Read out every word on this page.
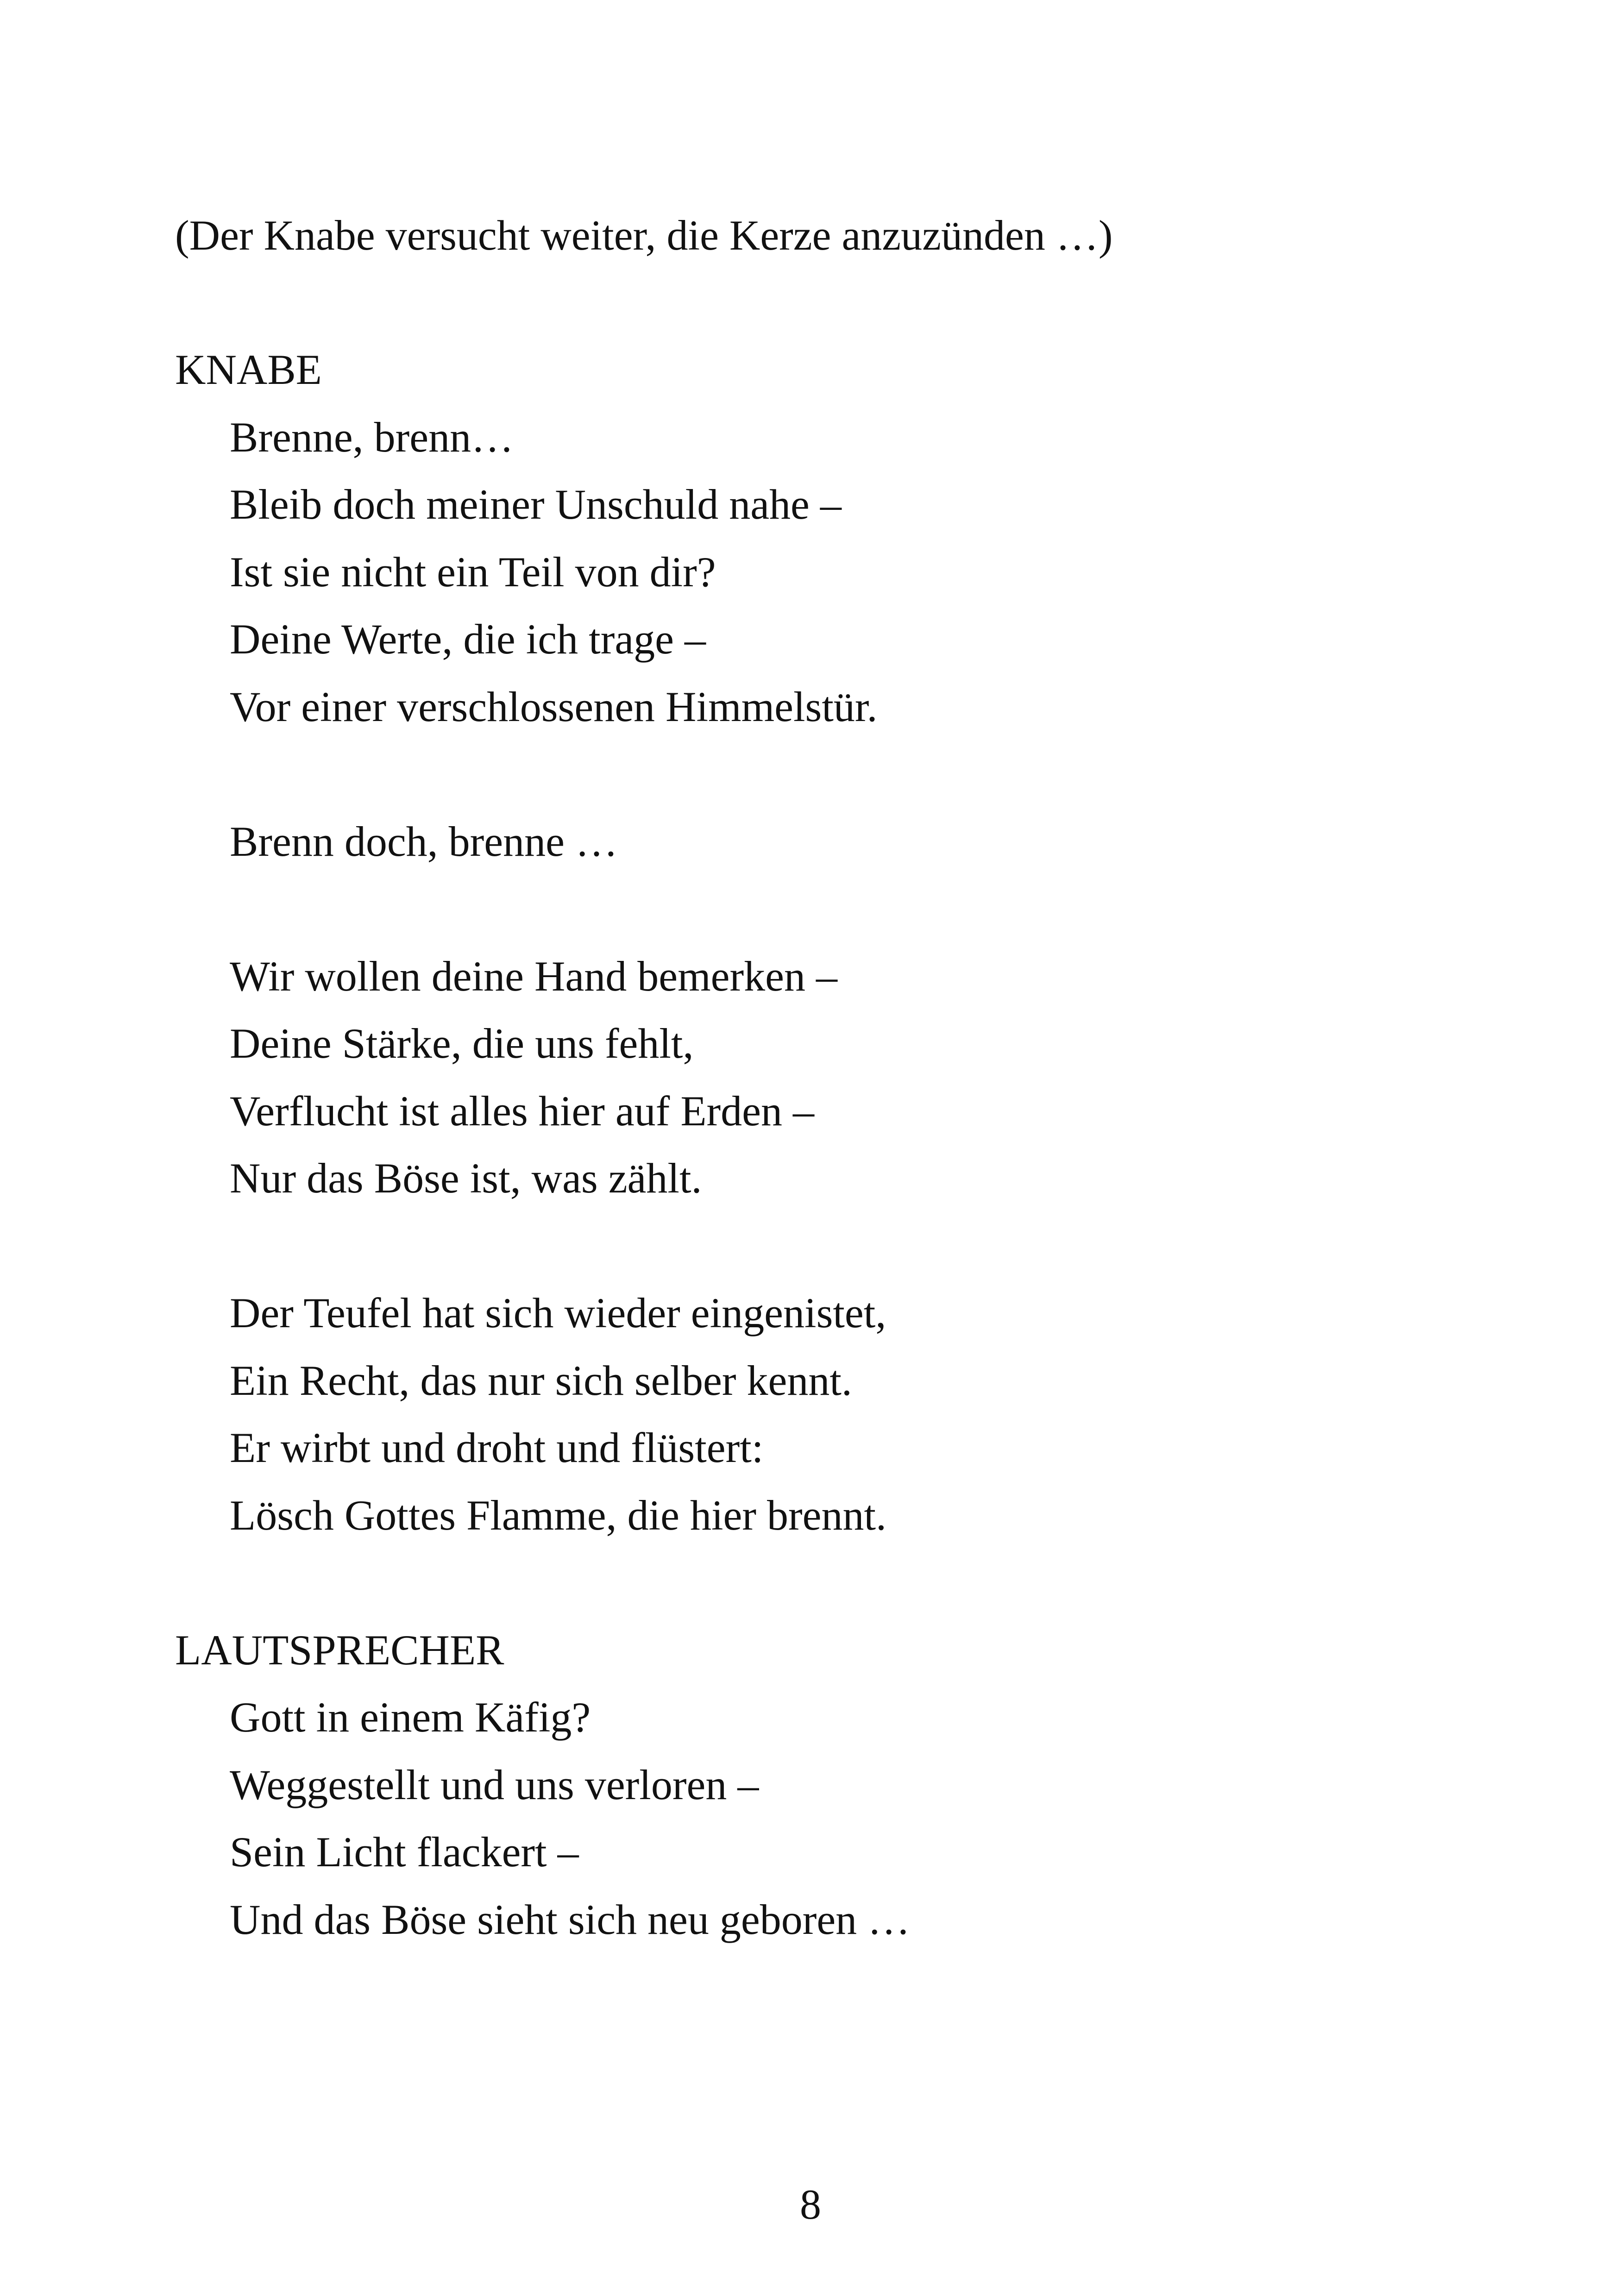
(Der Knabe versucht weiter, die Kerze anzuzünden …)

KNABE

Brenne, brenn…

Bleib doch meiner Unschuld nahe –

Ist sie nicht ein Teil von dir?

Deine Werte, die ich trage –

Vor einer verschlossenen Himmelstür.

Brenn doch, brenne …

Wir wollen deine Hand bemerken –

Deine Stärke, die uns fehlt,

Verflucht ist alles hier auf Erden –

Nur das Böse ist, was zählt.

Der Teufel hat sich wieder eingenistet,

Ein Recht, das nur sich selber kennt.

Er wirbt und droht und flüstert:

Lösch Gottes Flamme, die hier brennt.

LAUTSPRECHER

Gott in einem Käfig?

Weggestellt und uns verloren –

Sein Licht flackert –

Und das Böse sieht sich neu geboren …

8
